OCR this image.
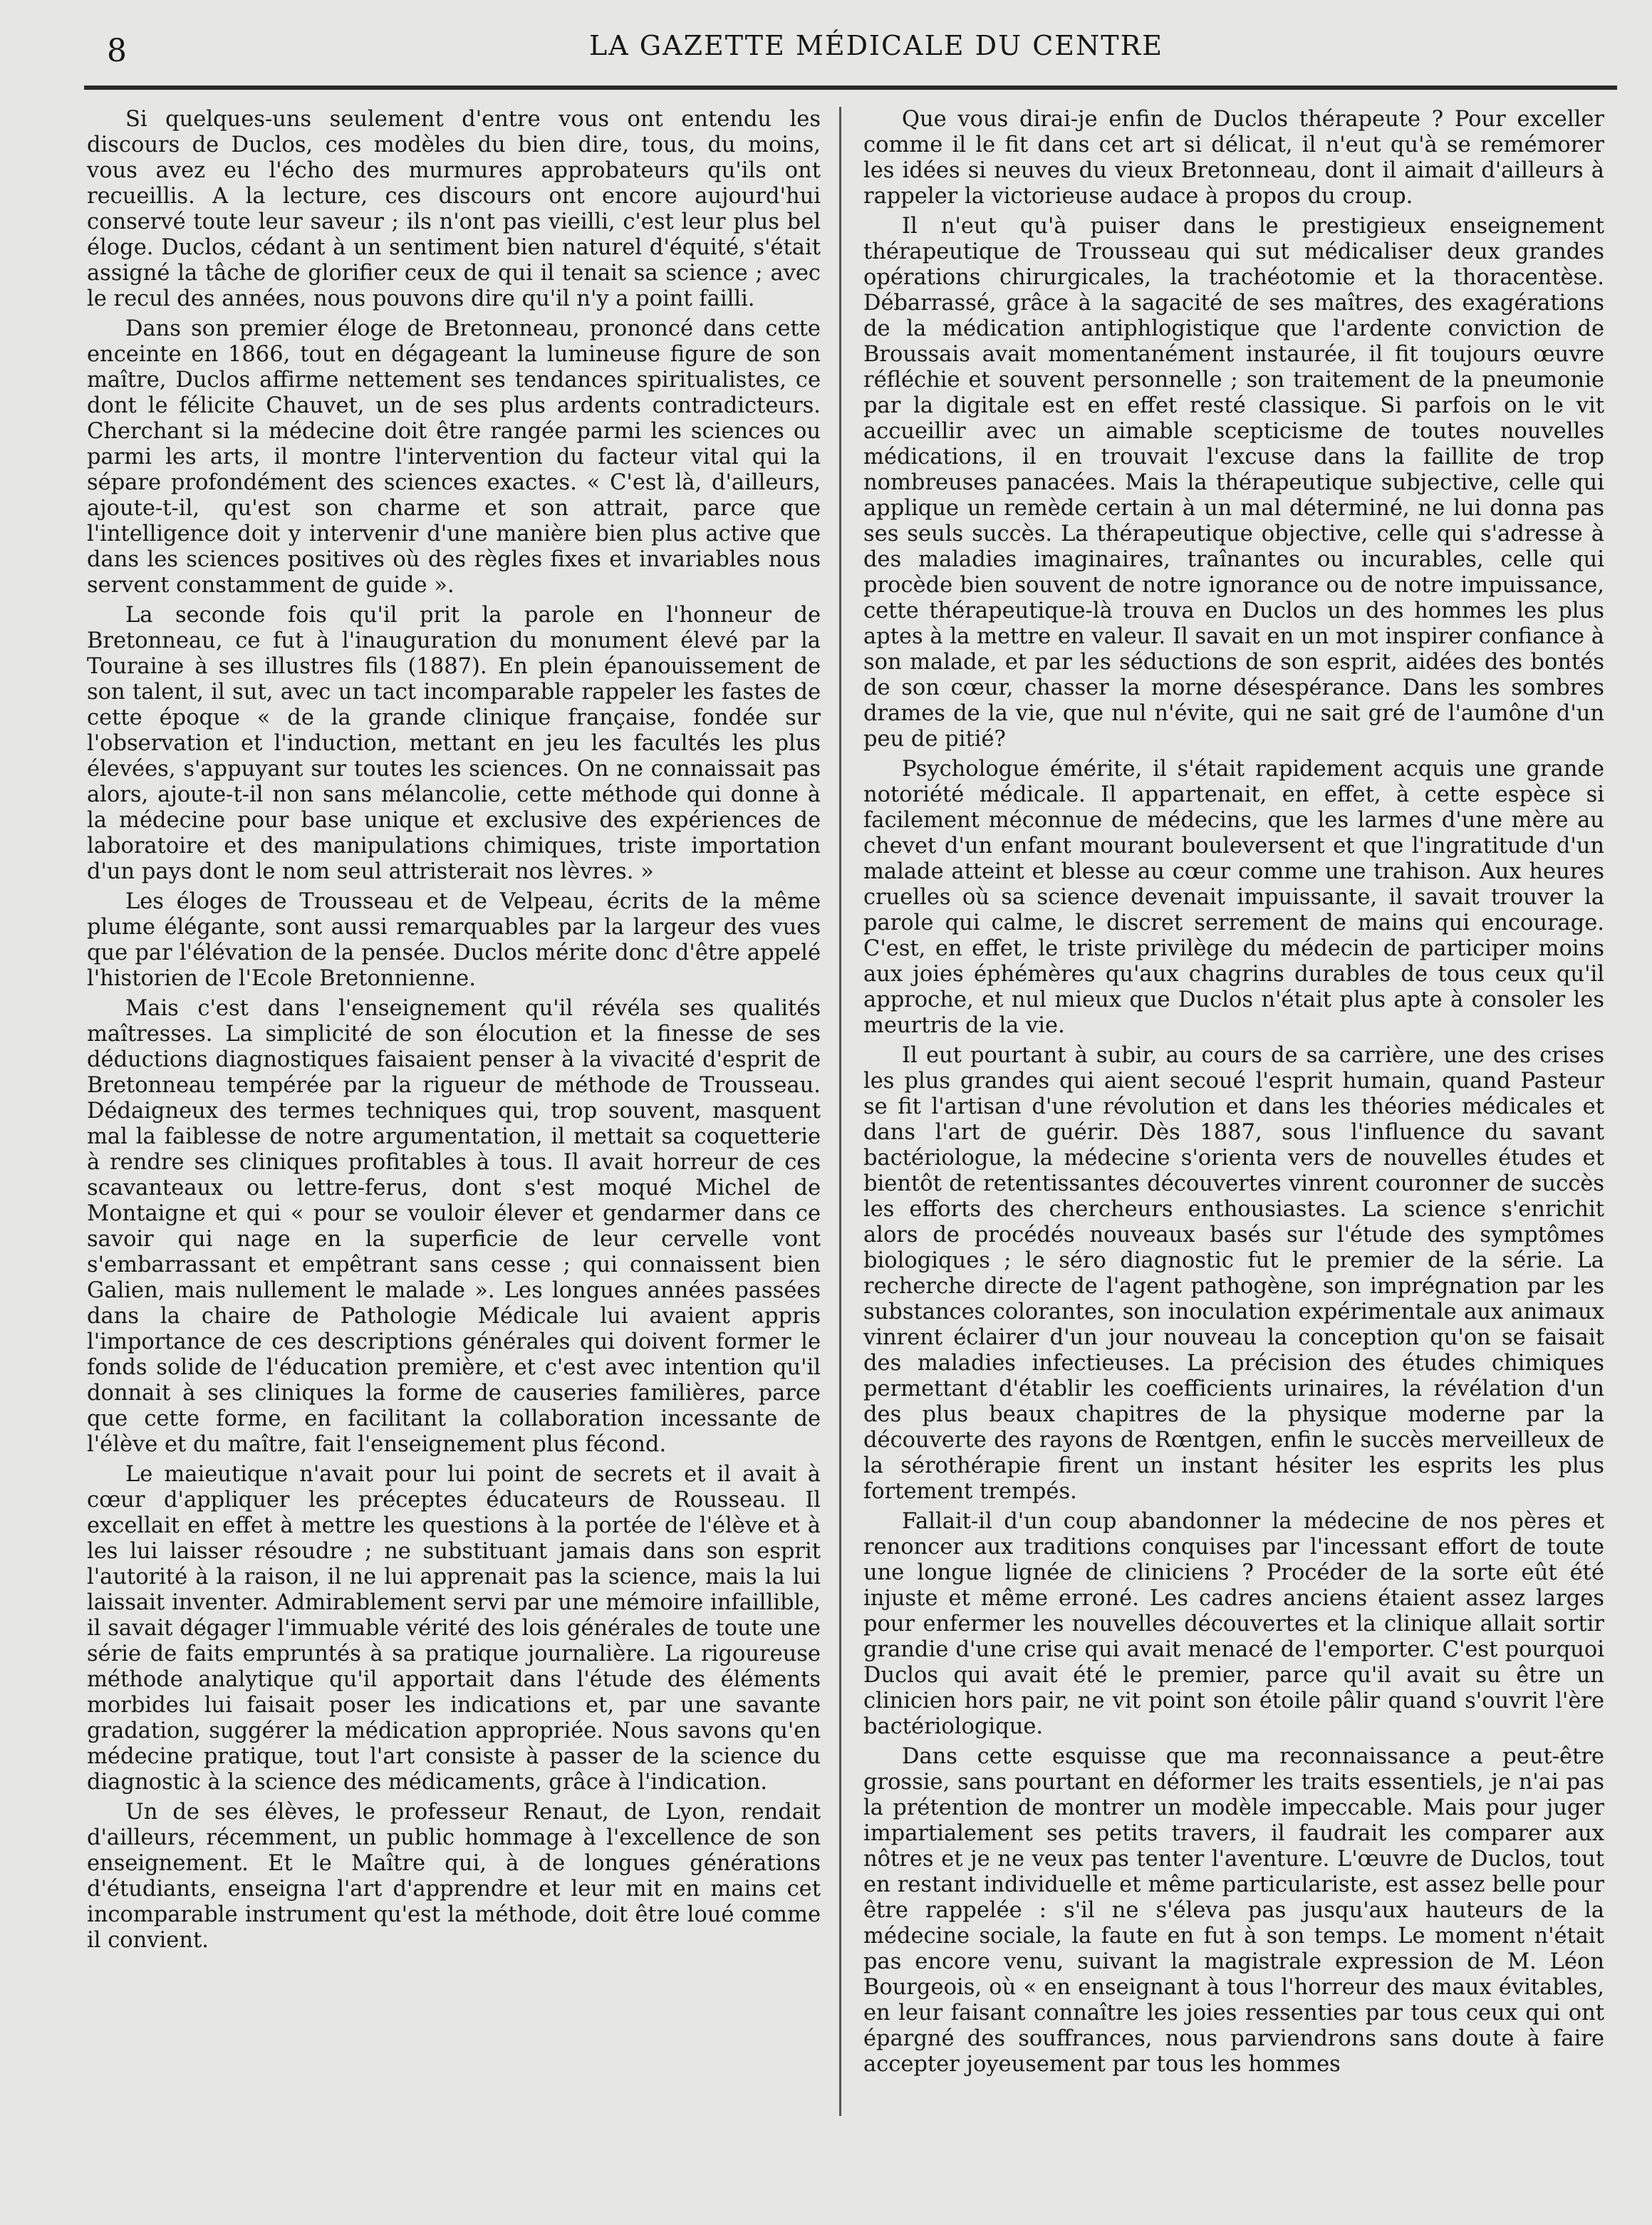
8	LA GAZETTE MÉDICALE DU CENTRE

Si quelques-uns seulement d'entre vous ont entendu les discours de Duclos, ces modèles du bien dire, tous, du moins, vous avez eu l'écho des murmures approbateurs qu'ils ont recueillis. A la lecture, ces discours ont encore aujourd'hui conservé toute leur saveur ; ils n'ont pas vieilli, c'est leur plus bel éloge. Duclos, cédant à un sentiment bien naturel d'équité, s'était assigné la tâche de glorifier ceux de qui il tenait sa science ; avec le recul des années, nous pouvons dire qu'il n'y a point failli.

Dans son premier éloge de Bretonneau, prononcé dans cette enceinte en 1866, tout en dégageant la lumineuse figure de son maître, Duclos affirme nettement ses tendances spiritualistes, ce dont le félicite Chauvet, un de ses plus ardents contradicteurs. Cherchant si la médecine doit être rangée parmi les sciences ou parmi les arts, il montre l'intervention du facteur vital qui la sépare profondément des sciences exactes. « C'est là, d'ailleurs, ajoute-t-il, qu'est son charme et son attrait, parce que l'intelligence doit y intervenir d'une manière bien plus active que dans les sciences positives où des règles fixes et invariables nous servent constamment de guide ».

La seconde fois qu'il prit la parole en l'honneur de Bretonneau, ce fut à l'inauguration du monument élevé par la Touraine à ses illustres fils (1887). En plein épanouissement de son talent, il sut, avec un tact incomparable rappeler les fastes de cette époque « de la grande clinique française, fondée sur l'observation et l'induction, mettant en jeu les facultés les plus élevées, s'appuyant sur toutes les sciences. On ne connaissait pas alors, ajoute-t-il non sans mélancolie, cette méthode qui donne à la médecine pour base unique et exclusive des expériences de laboratoire et des manipulations chimiques, triste importation d'un pays dont le nom seul attristerait nos lèvres. »

Les éloges de Trousseau et de Velpeau, écrits de la même plume élégante, sont aussi remarquables par la largeur des vues que par l'élévation de la pensée. Duclos mérite donc d'être appelé l'historien de l'Ecole Bretonnienne.

Mais c'est dans l'enseignement qu'il révéla ses qualités maîtresses. La simplicité de son élocution et la finesse de ses déductions diagnostiques faisaient penser à la vivacité d'esprit de Bretonneau tempérée par la rigueur de méthode de Trousseau. Dédaigneux des termes techniques qui, trop souvent, masquent mal la faiblesse de notre argumentation, il mettait sa coquetterie à rendre ses cliniques profitables à tous. Il avait horreur de ces scavanteaux ou lettre-ferus, dont s'est moqué Michel de Montaigne et qui « pour se vouloir élever et gendarmer dans ce savoir qui nage en la superficie de leur cervelle vont s'embarrassant et empêtrant sans cesse ; qui connaissent bien Galien, mais nullement le malade ». Les longues années passées dans la chaire de Pathologie Médicale lui avaient appris l'importance de ces descriptions générales qui doivent former le fonds solide de l'éducation première, et c'est avec intention qu'il donnait à ses cliniques la forme de causeries familières, parce que cette forme, en facilitant la collaboration incessante de l'élève et du maître, fait l'enseignement plus fécond.

Le maieutique n'avait pour lui point de secrets et il avait à cœur d'appliquer les préceptes éducateurs de Rousseau. Il excellait en effet à mettre les questions à la portée de l'élève et à les lui laisser résoudre ; ne substituant jamais dans son esprit l'autorité à la raison, il ne lui apprenait pas la science, mais la lui laissait inventer. Admirablement servi par une mémoire infaillible, il savait dégager l'immuable vérité des lois générales de toute une série de faits empruntés à sa pratique journalière. La rigoureuse méthode analytique qu'il apportait dans l'étude des éléments morbides lui faisait poser les indications et, par une savante gradation, suggérer la médication appropriée. Nous savons qu'en médecine pratique, tout l'art consiste à passer de la science du diagnostic à la science des médicaments, grâce à l'indication.

Un de ses élèves, le professeur Renaut, de Lyon, rendait d'ailleurs, récemment, un public hommage à l'excellence de son enseignement. Et le Maître qui, à de longues générations d'étudiants, enseigna l'art d'apprendre et leur mit en mains cet incomparable instrument qu'est la méthode, doit être loué comme il convient.

Que vous dirai-je enfin de Duclos thérapeute ? Pour exceller comme il le fit dans cet art si délicat, il n'eut qu'à se remémorer les idées si neuves du vieux Bretonneau, dont il aimait d'ailleurs à rappeler la victorieuse audace à propos du croup.

Il n'eut qu'à puiser dans le prestigieux enseignement thérapeutique de Trousseau qui sut médicaliser deux grandes opérations chirurgicales, la trachéotomie et la thoracentèse. Débarrassé, grâce à la sagacité de ses maîtres, des exagérations de la médication antiphlogistique que l'ardente conviction de Broussais avait momentanément instaurée, il fit toujours œuvre réfléchie et souvent personnelle ; son traitement de la pneumonie par la digitale est en effet resté classique. Si parfois on le vit accueillir avec un aimable scepticisme de toutes nouvelles médications, il en trouvait l'excuse dans la faillite de trop nombreuses panacées. Mais la thérapeutique subjective, celle qui applique un remède certain à un mal déterminé, ne lui donna pas ses seuls succès. La thérapeutique objective, celle qui s'adresse à des maladies imaginaires, traînantes ou incurables, celle qui procède bien souvent de notre ignorance ou de notre impuissance, cette thérapeutique-là trouva en Duclos un des hommes les plus aptes à la mettre en valeur. Il savait en un mot inspirer confiance à son malade, et par les séductions de son esprit, aidées des bontés de son cœur, chasser la morne désespérance. Dans les sombres drames de la vie, que nul n'évite, qui ne sait gré de l'aumône d'un peu de pitié?

Psychologue émérite, il s'était rapidement acquis une grande notoriété médicale. Il appartenait, en effet, à cette espèce si facilement méconnue de médecins, que les larmes d'une mère au chevet d'un enfant mourant bouleversent et que l'ingratitude d'un malade atteint et blesse au cœur comme une trahison. Aux heures cruelles où sa science devenait impuissante, il savait trouver la parole qui calme, le discret serrement de mains qui encourage. C'est, en effet, le triste privilège du médecin de participer moins aux joies éphémères qu'aux chagrins durables de tous ceux qu'il approche, et nul mieux que Duclos n'était plus apte à consoler les meurtris de la vie.

Il eut pourtant à subir, au cours de sa carrière, une des crises les plus grandes qui aient secoué l'esprit humain, quand Pasteur se fit l'artisan d'une révolution et dans les théories médicales et dans l'art de guérir. Dès 1887, sous l'influence du savant bactériologue, la médecine s'orienta vers de nouvelles études et bientôt de retentissantes découvertes vinrent couronner de succès les efforts des chercheurs enthousiastes. La science s'enrichit alors de procédés nouveaux basés sur l'étude des symptômes biologiques ; le séro diagnostic fut le premier de la série. La recherche directe de l'agent pathogène, son imprégnation par les substances colorantes, son inoculation expérimentale aux animaux vinrent éclairer d'un jour nouveau la conception qu'on se faisait des maladies infectieuses. La précision des études chimiques permettant d'établir les coefficients urinaires, la révélation d'un des plus beaux chapitres de la physique moderne par la découverte des rayons de Rœntgen, enfin le succès merveilleux de la sérothérapie firent un instant hésiter les esprits les plus fortement trempés.

Fallait-il d'un coup abandonner la médecine de nos pères et renoncer aux traditions conquises par l'incessant effort de toute une longue lignée de cliniciens ? Procéder de la sorte eût été injuste et même erroné. Les cadres anciens étaient assez larges pour enfermer les nouvelles découvertes et la clinique allait sortir grandie d'une crise qui avait menacé de l'emporter. C'est pourquoi Duclos qui avait été le premier, parce qu'il avait su être un clinicien hors pair, ne vit point son étoile pâlir quand s'ouvrit l'ère bactériologique.

Dans cette esquisse que ma reconnaissance a peut-être grossie, sans pourtant en déformer les traits essentiels, je n'ai pas la prétention de montrer un modèle impeccable. Mais pour juger impartialement ses petits travers, il faudrait les comparer aux nôtres et je ne veux pas tenter l'aventure. L'œuvre de Duclos, tout en restant individuelle et même particulariste, est assez belle pour être rappelée : s'il ne s'éleva pas jusqu'aux hauteurs de la médecine sociale, la faute en fut à son temps. Le moment n'était pas encore venu, suivant la magistrale expression de M. Léon Bourgeois, où « en enseignant à tous l'horreur des maux évitables, en leur faisant connaître les joies ressenties par tous ceux qui ont épargné des souffrances, nous parviendrons sans doute à faire accepter joyeusement par tous les hommes
